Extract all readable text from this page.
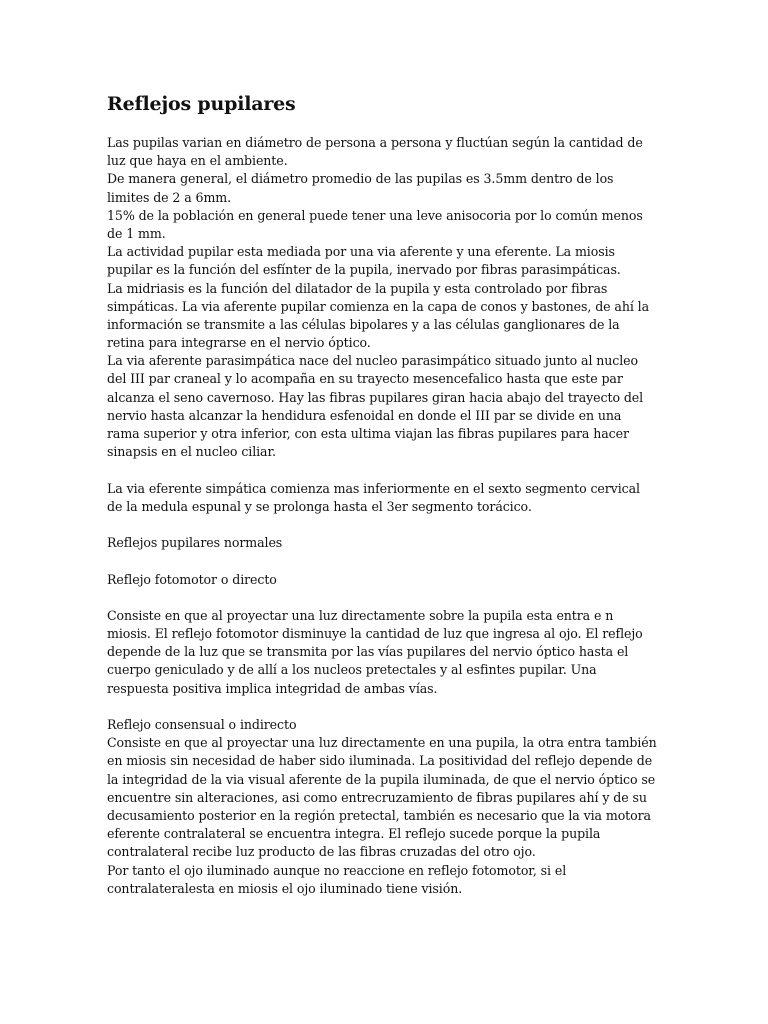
Reflejos pupilares
Las pupilas varian en diámetro de persona a persona y fluctúan según la cantidad de
luz que haya en el ambiente.
De manera general, el diámetro promedio de las pupilas es 3.5mm dentro de los
limites de 2 a 6mm.
15% de la población en general puede tener una leve anisocoria por lo común menos
de 1 mm.
La actividad pupilar esta mediada por una via aferente y una eferente. La miosis
pupilar es la función del esfínter de la pupila, inervado por fibras parasimpáticas.
La midriasis es la función del dilatador de la pupila y esta controlado por fibras
simpáticas. La via aferente pupilar comienza en la capa de conos y bastones, de ahí la
información se transmite a las células bipolares y a las células ganglionares de la
retina para integrarse en el nervio óptico.
La via aferente parasimpática nace del nucleo parasimpático situado junto al nucleo
del III par craneal y lo acompaña en su trayecto mesencefalico hasta que este par
alcanza el seno cavernoso. Hay las fibras pupilares giran hacia abajo del trayecto del
nervio hasta alcanzar la hendidura esfenoidal en donde el III par se divide en una
rama superior y otra inferior, con esta ultima viajan las fibras pupilares para hacer
sinapsis en el nucleo ciliar.
La via eferente simpática comienza mas inferiormente en el sexto segmento cervical
de la medula espunal y se prolonga hasta el 3er segmento torácico.
Reflejos pupilares normales
Reflejo fotomotor o directo
Consiste en que al proyectar una luz directamente sobre la pupila esta entra e n
miosis. El reflejo fotomotor disminuye la cantidad de luz que ingresa al ojo. El reflejo
depende de la luz que se transmita por las vías pupilares del nervio óptico hasta el
cuerpo geniculado y de allí a los nucleos pretectales y al esfintes pupilar. Una
respuesta positiva implica integridad de ambas vías.
Reflejo consensual o indirecto
Consiste en que al proyectar una luz directamente en una pupila, la otra entra también
en miosis sin necesidad de haber sido iluminada. La positividad del reflejo depende de
la integridad de la via visual aferente de la pupila iluminada, de que el nervio óptico se
encuentre sin alteraciones, asi como entrecruzamiento de fibras pupilares ahí y de su
decusamiento posterior en la región pretectal, también es necesario que la via motora
eferente contralateral se encuentra integra. El reflejo sucede porque la pupila
contralateral recibe luz producto de las fibras cruzadas del otro ojo.
Por tanto el ojo iluminado aunque no reaccione en reflejo fotomotor, si el
contralateralesta en miosis el ojo iluminado tiene visión.
